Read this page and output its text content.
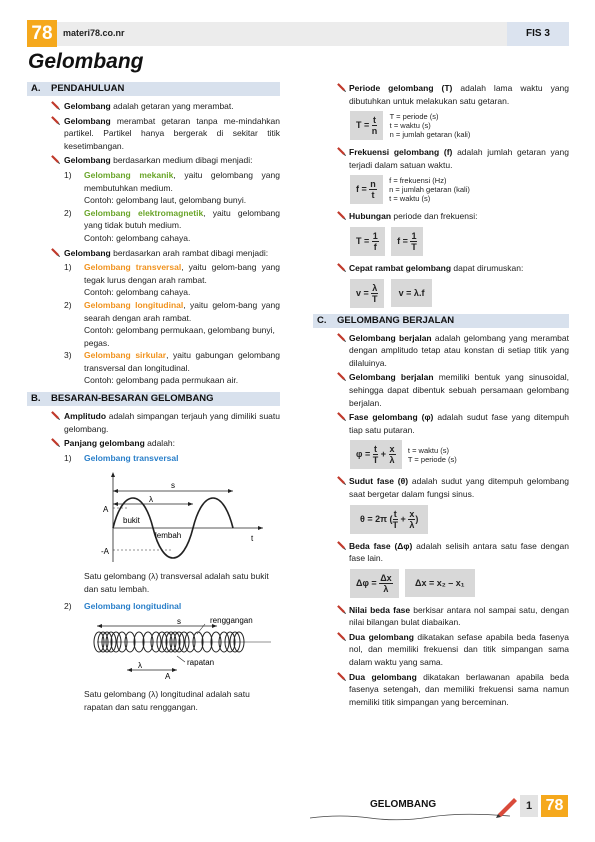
78	materi78.co.nr	FIS 3
Gelombang
A. PENDAHULUAN
Gelombang adalah getaran yang merambat.
Gelombang merambat getaran tanpa me-mindahkan partikel. Partikel hanya bergerak di sekitar titik kesetimbangan.
Gelombang berdasarkan medium dibagi menjadi:
1) Gelombang mekanik, yaitu gelombang yang membutuhkan medium.
Contoh: gelombang laut, gelombang bunyi.
2) Gelombang elektromagnetik, yaitu gelombang yang tidak butuh medium.
Contoh: gelombang cahaya.
Gelombang berdasarkan arah rambat dibagi menjadi:
1) Gelombang transversal, yaitu gelom-bang yang tegak lurus dengan arah rambat.
Contoh: gelombang cahaya.
2) Gelombang longitudinal, yaitu gelom-bang yang searah dengan arah rambat.
Contoh: gelombang permukaan, gelombang bunyi, pegas.
3) Gelombang sirkular, yaitu gabungan gelombang transversal dan longitudinal.
Contoh: gelombang pada permukaan air.
B. BESARAN-BESARAN GELOMBANG
Amplitudo adalah simpangan terjauh yang dimiliki suatu gelombang.
Panjang gelombang adalah:
1) Gelombang transversal
s
λ
A
-A
bukit
lembah	t
Satu gelombang (λ) transversal adalah satu bukit dan satu lembah.
2) Gelombang longitudinal
s	renggangan
λ
A
rapatan
Satu gelombang (λ) longitudinal adalah satu rapatan dan satu renggangan.
Periode gelombang (T) adalah lama waktu yang dibutuhkan untuk melakukan satu getaran.
$T = \frac{t}{n}$ T = periode (s)
t = waktu (s)
n = jumlah getaran (kali)
Frekuensi gelombang (f) adalah jumlah getaran yang terjadi dalam satuan waktu.
$f = \frac{n}{t}$ f = frekuensi (Hz)
n = jumlah getaran (kali)
t = waktu (s)
Hubungan periode dan frekuensi:
$T = \frac{1}{f}$ $f = \frac{1}{T}$
Cepat rambat gelombang dapat dirumuskan:
$v = \frac{\lambda}{T}$ v = λ.f
C. GELOMBANG BERJALAN
Gelombang berjalan adalah gelombang yang merambat dengan amplitudo tetap atau konstan di setiap titik yang dilaluinya.
Gelombang berjalan memiliki bentuk yang sinusoidal, sehingga dapat dibentuk sebuah persamaan gelombang berjalan.
Fase gelombang (φ) adalah sudut fase yang ditempuh tiap satu putaran.
$\varphi = \frac{t}{T} + \frac{x}{\lambda}$ t = waktu (s)
T = periode (s)
Sudut fase (θ) adalah sudut yang ditempuh gelombang saat bergetar dalam fungsi sinus.
θ = 2π ( $\frac{t}{T} + \frac{x}{\lambda}$ )
Beda fase (Δφ) adalah selisih antara satu fase dengan fase lain.
$\Delta\varphi = \frac{\Delta x}{\lambda}$ Δx = x₂ – x₁
Nilai beda fase berkisar antara nol sampai satu, dengan nilai bilangan bulat diabaikan.
Dua gelombang dikatakan sefase apabila beda fasenya nol, dan memiliki frekuensi dan titik simpangan sama dalam waktu yang sama.
Dua gelombang dikatakan berlawanan apabila beda fasenya setengah, dan memiliki frekuensi sama namun memiliki titik simpangan yang berceminan.
GELOMBANG	1 78
